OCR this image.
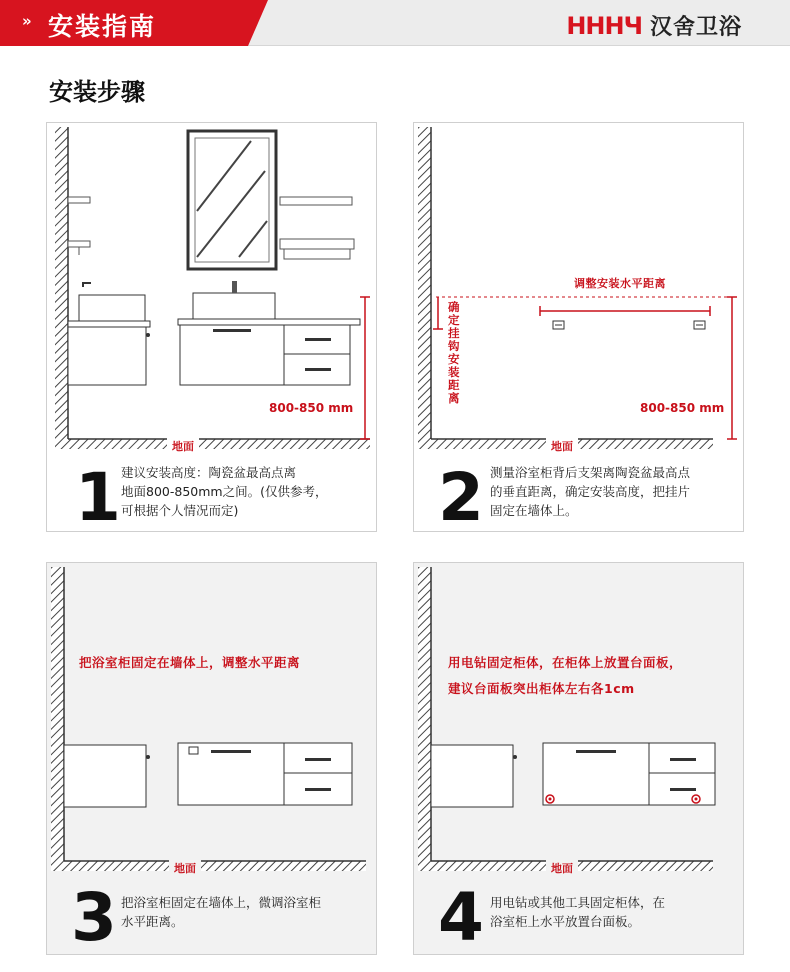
» 安装指南	HHHЧ 汉舍卫浴
安装步骤
800-850 mm
地面
1 建议安装高度：陶瓷盆最高点离
地面800-850mm之间。(仅供参考，
可根据个人情况而定)
调整安装水平距离
确定挂钩安装距离
800-850 mm
地面
2 测量浴室柜背后支架离陶瓷盆最高点
的垂直距离，确定安装高度，把挂片
固定在墙体上。
把浴室柜固定在墙体上，调整水平距离
地面
3 把浴室柜固定在墙体上，微调浴室柜
水平距离。
用电钻固定柜体，在柜体上放置台面板，
建议台面板突出柜体左右各1cm
地面
4 用电钻或其他工具固定柜体，在
浴室柜上水平放置台面板。
